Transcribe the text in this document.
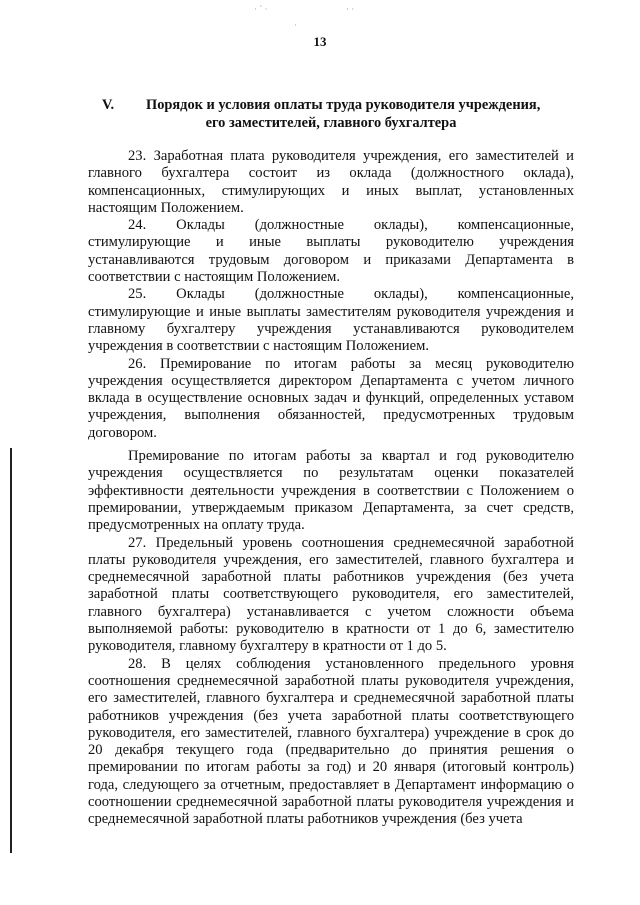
· ` ·	· ·
·
13
V.	Порядок и условия оплаты труда руководителя учреждения,
его заместителей, главного бухгалтера

23. Заработная плата руководителя учреждения, его заместителей и главного бухгалтера состоит из оклада (должностного оклада), компенсационных, стимулирующих и иных выплат, установленных настоящим Положением.

24. Оклады (должностные оклады), компенсационные, стимулирующие и иные выплаты руководителю учреждения устанавливаются трудовым договором и приказами Департамента в соответствии с настоящим Положением.

25. Оклады (должностные оклады), компенсационные, стимулирующие и иные выплаты заместителям руководителя учреждения и главному бухгалтеру учреждения устанавливаются руководителем учреждения в соответствии с настоящим Положением.

26. Премирование по итогам работы за месяц руководителю учреждения осуществляется директором Департамента с учетом личного вклада в осуществление основных задач и функций, определенных уставом учреждения, выполнения обязанностей, предусмотренных трудовым договором.

Премирование по итогам работы за квартал и год руководителю учреждения осуществляется по результатам оценки показателей эффективности деятельности учреждения в соответствии с Положением о премировании, утверждаемым приказом Департамента, за счет средств, предусмотренных на оплату труда.

27. Предельный уровень соотношения среднемесячной заработной платы руководителя учреждения, его заместителей, главного бухгалтера и среднемесячной заработной платы работников учреждения (без учета заработной платы соответствующего руководителя, его заместителей, главного бухгалтера) устанавливается с учетом сложности объема выполняемой работы: руководителю в кратности от 1 до 6, заместителю руководителя, главному бухгалтеру в кратности от 1 до 5.

28. В целях соблюдения установленного предельного уровня соотношения среднемесячной заработной платы руководителя учреждения, его заместителей, главного бухгалтера и среднемесячной заработной платы работников учреждения (без учета заработной платы соответствующего руководителя, его заместителей, главного бухгалтера) учреждение в срок до 20 декабря текущего года (предварительно до принятия решения о премировании по итогам работы за год) и 20 января (итоговый контроль) года, следующего за отчетным, предоставляет в Департамент информацию о соотношении среднемесячной заработной платы руководителя учреждения и среднемесячной заработной платы работников учреждения (без учета
